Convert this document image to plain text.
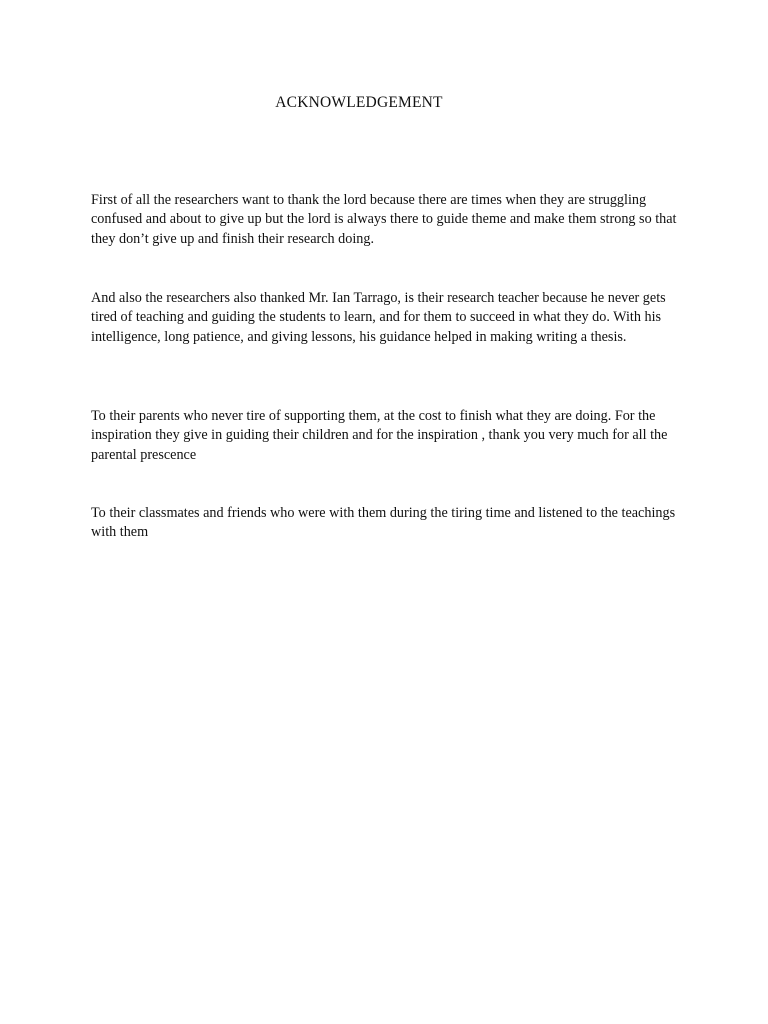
ACKNOWLEDGEMENT

First of all the researchers want to thank the lord because there are times when they are struggling confused and about to give up but the lord is always there to guide theme and make them strong so that they don’t give up and finish their research doing.

And also the researchers also thanked Mr. Ian Tarrago, is their research teacher because he never gets tired of teaching and guiding the students to learn, and for them to succeed in what they do. With his intelligence, long patience, and giving lessons, his guidance helped in making writing a thesis.

To their parents who never tire of supporting them, at the cost to finish what they are doing. For the inspiration they give in guiding their children and for the inspiration , thank you very much for all the parental prescence

To their classmates and friends who were with them during the tiring time and listened to the teachings with them
